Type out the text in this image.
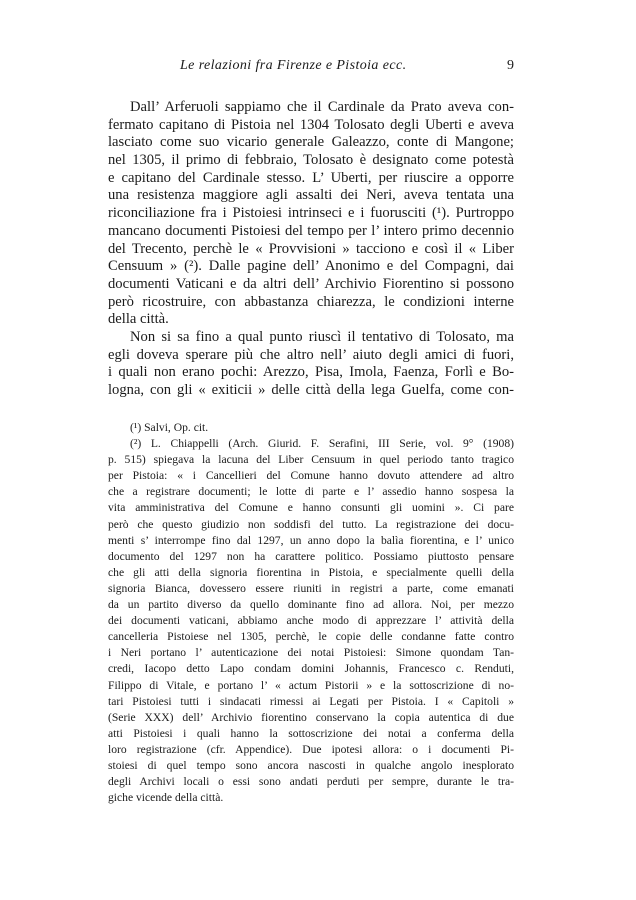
Le relazioni fra Firenze e Pistoia ecc.	9
Dall’ Arferuoli sappiamo che il Cardinale da Prato aveva con-
fermato capitano di Pistoia nel 1304 Tolosato degli Uberti e aveva
lasciato come suo vicario generale Galeazzo, conte di Mangone;
nel 1305, il primo di febbraio, Tolosato è designato come potestà
e capitano del Cardinale stesso. L’ Uberti, per riuscire a opporre
una resistenza maggiore agli assalti dei Neri, aveva tentata una
riconciliazione fra i Pistoiesi intrinseci e i fuorusciti (¹). Purtroppo
mancano documenti Pistoiesi del tempo per l’ intero primo decennio
del Trecento, perchè le « Provvisioni » tacciono e così il « Liber
Censuum » (²). Dalle pagine dell’ Anonimo e del Compagni, dai
documenti Vaticani e da altri dell’ Archivio Fiorentino si possono
però ricostruire, con abbastanza chiarezza, le condizioni interne
della città.
Non si sa fino a qual punto riuscì il tentativo di Tolosato, ma
egli doveva sperare più che altro nell’ aiuto degli amici di fuori,
i quali non erano pochi: Arezzo, Pisa, Imola, Faenza, Forlì e Bo-
logna, con gli « exiticii » delle città della lega Guelfa, come con-
(¹) Salvi, Op. cit.
(²) L. Chiappelli (Arch. Giurid. F. Serafini, III Serie, vol. 9° (1908)
p. 515) spiegava la lacuna del Liber Censuum in quel periodo tanto tragico
per Pistoia: « i Cancellieri del Comune hanno dovuto attendere ad altro
che a registrare documenti; le lotte di parte e l’ assedio hanno sospesa la
vita amministrativa del Comune e hanno consunti gli uomini ». Ci pare
però che questo giudizio non soddisfi del tutto. La registrazione dei docu-
menti s’ interrompe fino dal 1297, un anno dopo la balìa fiorentina, e l’ unico
documento del 1297 non ha carattere politico. Possiamo piuttosto pensare
che gli atti della signoria fiorentina in Pistoia, e specialmente quelli della
signoria Bianca, dovessero essere riuniti in registri a parte, come emanati
da un partito diverso da quello dominante fino ad allora. Noi, per mezzo
dei documenti vaticani, abbiamo anche modo di apprezzare l’ attività della
cancelleria Pistoiese nel 1305, perchè, le copie delle condanne fatte contro
i Neri portano l’ autenticazione dei notai Pistoiesi: Simone quondam Tan-
credi, Iacopo detto Lapo condam domini Johannis, Francesco c. Renduti,
Filippo di Vitale, e portano l’ « actum Pistorii » e la sottoscrizione di no-
tari Pistoiesi tutti i sindacati rimessi ai Legati per Pistoia. I « Capitoli »
(Serie XXX) dell’ Archivio fiorentino conservano la copia autentica di due
atti Pistoiesi i quali hanno la sottoscrizione dei notai a conferma della
loro registrazione (cfr. Appendice). Due ipotesi allora: o i documenti Pi-
stoiesi di quel tempo sono ancora nascosti in qualche angolo inesplorato
degli Archivi locali o essi sono andati perduti per sempre, durante le tra-
giche vicende della città.
